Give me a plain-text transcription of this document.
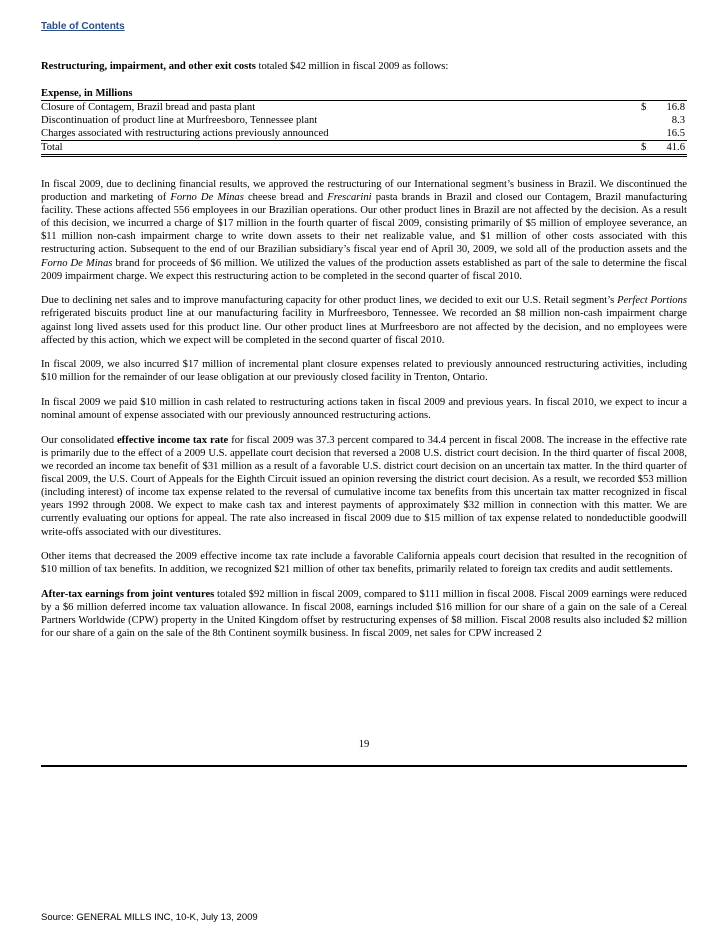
Table of Contents
Restructuring, impairment, and other exit costs totaled $42 million in fiscal 2009 as follows:
Expense, in Millions
Closure of Contagem, Brazil bread and pasta plant	$ 16.8
Discontinuation of product line at Murfreesboro, Tennessee plant	8.3
Charges associated with restructuring actions previously announced	16.5
Total	$ 41.6

In fiscal 2009, due to declining financial results, we approved the restructuring of our International segment’s business in Brazil. We discontinued the production and marketing of Forno De Minas cheese bread and Frescarini pasta brands in Brazil and closed our Contagem, Brazil manufacturing facility. These actions affected 556 employees in our Brazilian operations. Our other product lines in Brazil are not affected by the decision. As a result of this decision, we incurred a charge of $17 million in the fourth quarter of fiscal 2009, consisting primarily of $5 million of employee severance, an $11 million non-cash impairment charge to write down assets to their net realizable value, and $1 million of other costs associated with this restructuring action. Subsequent to the end of our Brazilian subsidiary’s fiscal year end of April 30, 2009, we sold all of the production assets and the Forno De Minas brand for proceeds of $6 million. We utilized the values of the production assets established as part of the sale to determine the fiscal 2009 impairment charge. We expect this restructuring action to be completed in the second quarter of fiscal 2010.

Due to declining net sales and to improve manufacturing capacity for other product lines, we decided to exit our U.S. Retail segment’s Perfect Portions refrigerated biscuits product line at our manufacturing facility in Murfreesboro, Tennessee. We recorded an $8 million non-cash impairment charge against long lived assets used for this product line. Our other product lines at Murfreesboro are not affected by the decision, and no employees were affected by this action, which we expect will be completed in the second quarter of fiscal 2010.

In fiscal 2009, we also incurred $17 million of incremental plant closure expenses related to previously announced restructuring activities, including $10 million for the remainder of our lease obligation at our previously closed facility in Trenton, Ontario.

In fiscal 2009 we paid $10 million in cash related to restructuring actions taken in fiscal 2009 and previous years. In fiscal 2010, we expect to incur a nominal amount of expense associated with our previously announced restructuring actions.

Our consolidated effective income tax rate for fiscal 2009 was 37.3 percent compared to 34.4 percent in fiscal 2008. The increase in the effective rate is primarily due to the effect of a 2009 U.S. appellate court decision that reversed a 2008 U.S. district court decision. In the third quarter of fiscal 2008, we recorded an income tax benefit of $31 million as a result of a favorable U.S. district court decision on an uncertain tax matter. In the third quarter of fiscal 2009, the U.S. Court of Appeals for the Eighth Circuit issued an opinion reversing the district court decision. As a result, we recorded $53 million (including interest) of income tax expense related to the reversal of cumulative income tax benefits from this uncertain tax matter recognized in fiscal years 1992 through 2008. We expect to make cash tax and interest payments of approximately $32 million in connection with this matter. We are currently evaluating our options for appeal. The rate also increased in fiscal 2009 due to $15 million of tax expense related to nondeductible goodwill write-offs associated with our divestitures.

Other items that decreased the 2009 effective income tax rate include a favorable California appeals court decision that resulted in the recognition of $10 million of tax benefits. In addition, we recognized $21 million of other tax benefits, primarily related to foreign tax credits and audit settlements.

After-tax earnings from joint ventures totaled $92 million in fiscal 2009, compared to $111 million in fiscal 2008. Fiscal 2009 earnings were reduced by a $6 million deferred income tax valuation allowance. In fiscal 2008, earnings included $16 million for our share of a gain on the sale of a Cereal Partners Worldwide (CPW) property in the United Kingdom offset by restructuring expenses of $8 million. Fiscal 2008 results also included $2 million for our share of a gain on the sale of the 8th Continent soymilk business. In fiscal 2009, net sales for CPW increased 2

19
Source: GENERAL MILLS INC, 10-K, July 13, 2009
